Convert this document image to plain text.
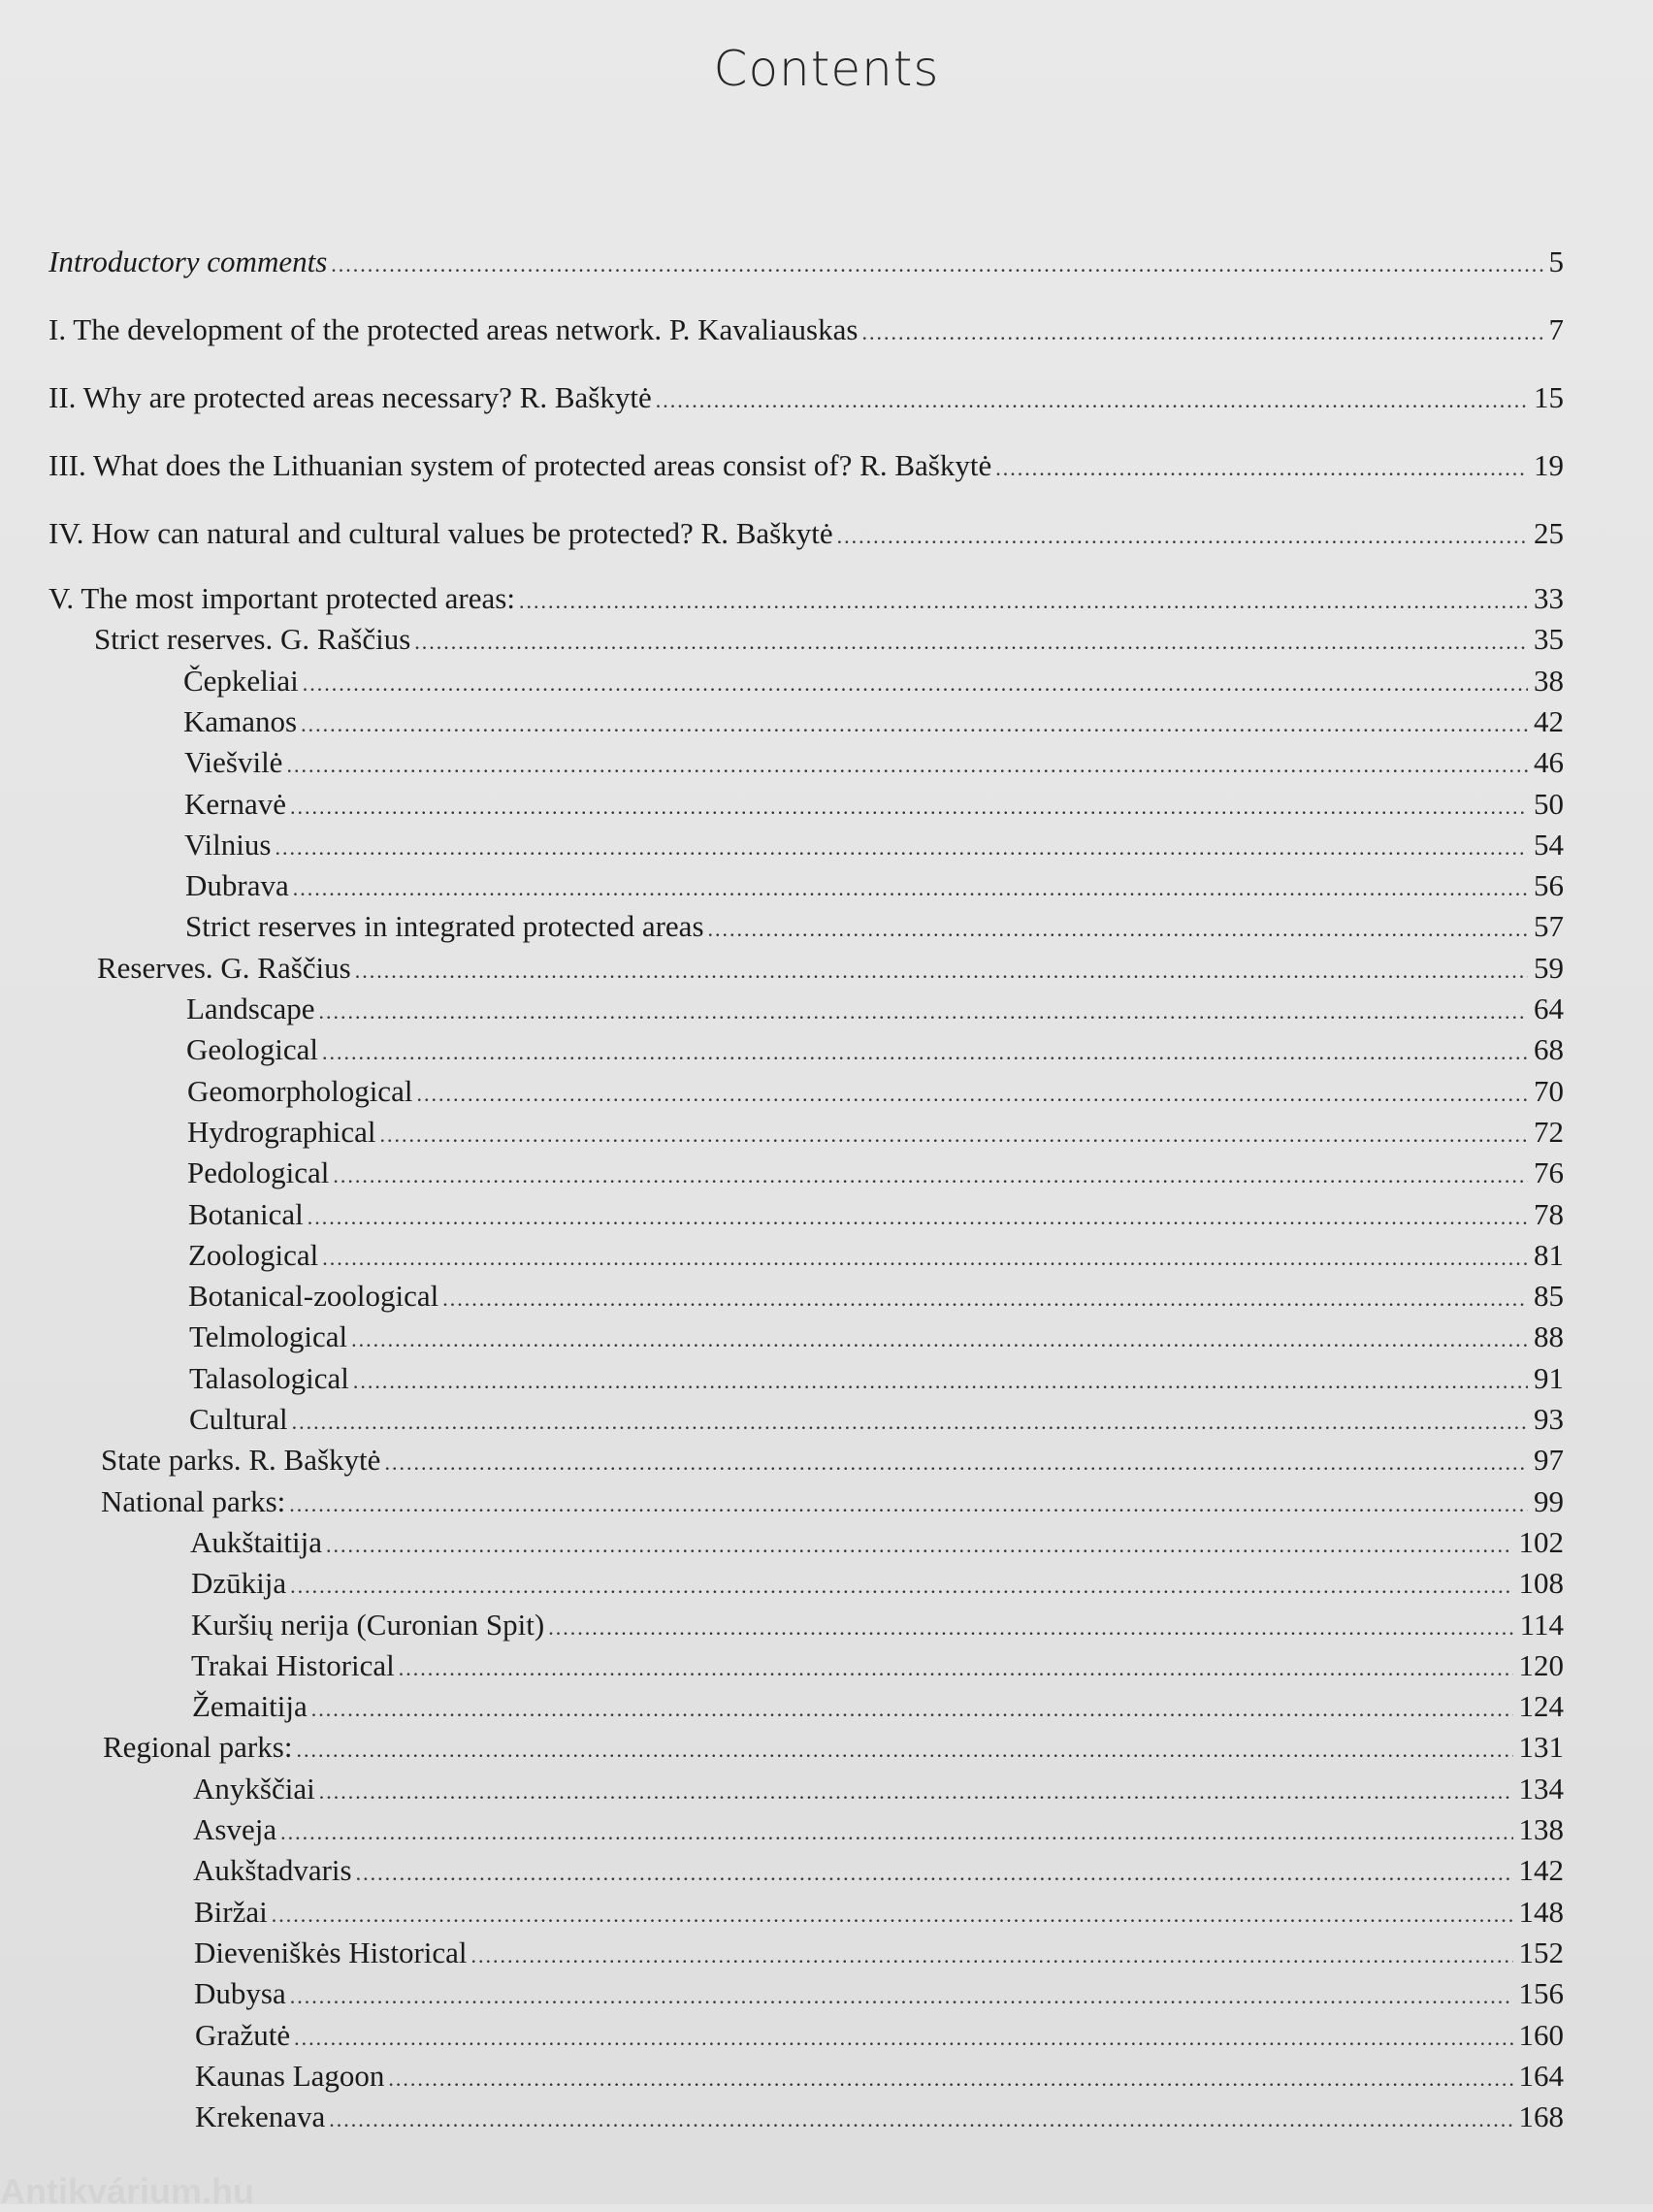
Contents
Introductory comments .....	5
I. The development of the protected areas network. P. Kavaliauskas .....	7
II. Why are protected areas necessary? R. Baškytė .....	15
III. What does the Lithuanian system of protected areas consist of? R. Baškytė .....	19
IV. How can natural and cultural values be protected? R. Baškytė .....	25
V. The most important protected areas: .....	33
Strict reserves. G. Raščius .....	35
Čepkeliai .....	38
Kamanos .....	42
Viešvilė .....	46
Kernavė .....	50
Vilnius .....	54
Dubrava .....	56
Strict reserves in integrated protected areas .....	57
Reserves. G. Raščius .....	59
Landscape .....	64
Geological .....	68
Geomorphological .....	70
Hydrographical .....	72
Pedological .....	76
Botanical .....	78
Zoological .....	81
Botanical-zoological .....	85
Telmological .....	88
Talasological .....	91
Cultural .....	93
State parks. R. Baškytė .....	97
National parks: .....	99
Aukštaitija .....	102
Dzūkija .....	108
Kuršių nerija (Curonian Spit) .....	114
Trakai Historical .....	120
Žemaitija .....	124
Regional parks: .....	131
Anykščiai .....	134
Asveja .....	138
Aukštadvaris .....	142
Biržai .....	148
Dieveniškės Historical .....	152
Dubysa .....	156
Gražutė .....	160
Kaunas Lagoon .....	164
Krekenava .....	168
Antikvárium.hu
